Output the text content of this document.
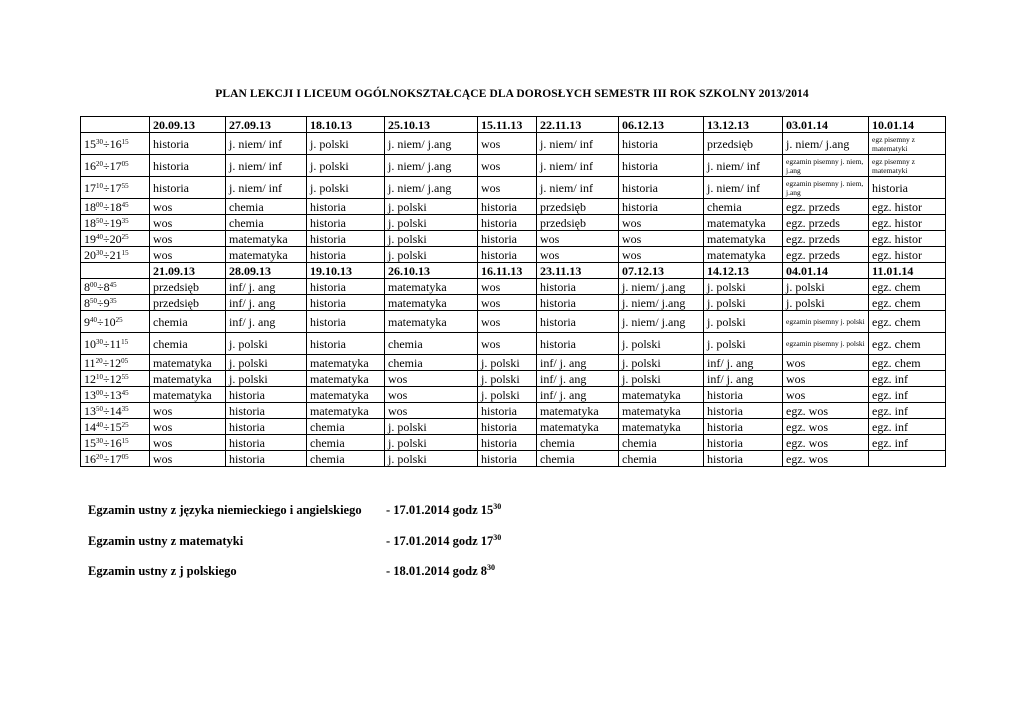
PLAN LEKCJI I LICEUM OGÓLNOKSZTAŁCĄCE DLA DOROSŁYCH SEMESTR III ROK SZKOLNY 2013/2014
	20.09.13	27.09.13	18.10.13	25.10.13	15.11.13	22.11.13	06.12.13	13.12.13	03.01.14	10.01.14
$15^{30}\div 16^{15}$	historia	j. niem/ inf	j. polski	j. niem/ j.ang	wos	j. niem/ inf	historia	przedsięb	j. niem/ j.ang	egz pisemny z matematyki
$16^{20}\div 17^{05}$	historia	j. niem/ inf	j. polski	j. niem/ j.ang	wos	j. niem/ inf	historia	j. niem/ inf	egzamin pisemny j. niem, j.ang	egz pisemny z matematyki
$17^{10}\div 17^{55}$	historia	j. niem/ inf	j. polski	j. niem/ j.ang	wos	j. niem/ inf	historia	j. niem/ inf	egzamin pisemny j. niem, j.ang	historia
$18^{00}\div 18^{45}$	wos	chemia	historia	j. polski	historia	przedsięb	historia	chemia	egz. przeds	egz. histor
$18^{50}\div 19^{35}$	wos	chemia	historia	j. polski	historia	przedsięb	wos	matematyka	egz. przeds	egz. histor
$19^{40}\div 20^{25}$	wos	matematyka	historia	j. polski	historia	wos	wos	matematyka	egz. przeds	egz. histor
$20^{30}\div 21^{15}$	wos	matematyka	historia	j. polski	historia	wos	wos	matematyka	egz. przeds	egz. histor
	21.09.13	28.09.13	19.10.13	26.10.13	16.11.13	23.11.13	07.12.13	14.12.13	04.01.14	11.01.14
$8^{00}\div 8^{45}$	przedsięb	inf/ j. ang	historia	matematyka	wos	historia	j. niem/ j.ang	j. polski	j. polski	egz. chem
$8^{50}\div 9^{35}$	przedsięb	inf/ j. ang	historia	matematyka	wos	historia	j. niem/ j.ang	j. polski	j. polski	egz. chem
$9^{40}\div 10^{25}$	chemia	inf/ j. ang	historia	matematyka	wos	historia	j. niem/ j.ang	j. polski	egzamin pisemny j. polski	egz. chem
$10^{30}\div 11^{15}$	chemia	j. polski	historia	chemia	wos	historia	j. polski	j. polski	egzamin pisemny j. polski	egz. chem
$11^{20}\div 12^{05}$	matematyka	j. polski	matematyka	chemia	j. polski	inf/ j. ang	j. polski	inf/ j. ang	wos	egz. chem
$12^{10}\div 12^{55}$	matematyka	j. polski	matematyka	wos	j. polski	inf/ j. ang	j. polski	inf/ j. ang	wos	egz. inf
$13^{00}\div 13^{45}$	matematyka	historia	matematyka	wos	j. polski	inf/ j. ang	matematyka	historia	wos	egz. inf
$13^{50}\div 14^{35}$	wos	historia	matematyka	wos	historia	matematyka	matematyka	historia	egz. wos	egz. inf
$14^{40}\div 15^{25}$	wos	historia	chemia	j. polski	historia	matematyka	matematyka	historia	egz. wos	egz. inf
$15^{30}\div 16^{15}$	wos	historia	chemia	j. polski	historia	chemia	chemia	historia	egz. wos	egz. inf
$16^{20}\div 17^{05}$	wos	historia	chemia	j. polski	historia	chemia	chemia	historia	egz. wos	
Egzamin ustny z języka niemieckiego i angielskiego - 17.01.2014 godz $15^{30}$
Egzamin ustny z matematyki	- 17.01.2014 godz $17^{30}$
Egzamin ustny z j polskiego	- 18.01.2014 godz $8^{30}$
